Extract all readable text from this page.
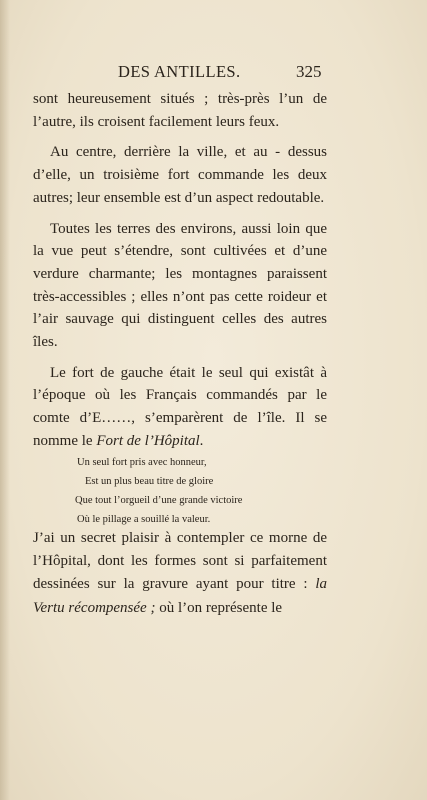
DES ANTILLES.	325

sont heureusement situés ; très-près l’un de l’autre, ils croisent facilement leurs feux.

Au centre, derrière la ville, et au - dessus d’elle, un troisième fort commande les deux autres; leur ensemble est d’un aspect redoutable.

Toutes les terres des environs, aussi loin que la vue peut s’étendre, sont cultivées et d’une verdure charmante; les montagnes paraissent très-accessibles ; elles n’ont pas cette roideur et l’air sauvage qui distinguent celles des autres îles.

Le fort de gauche était le seul qui existât à l’époque où les Français commandés par le comte d’E……, s’emparèrent de l’île. Il se nomme le Fort de l’Hôpital.

Un seul fort pris avec honneur,
Est un plus beau titre de gloire
Que tout l’orgueil d’une grande victoire
Où le pillage a souillé la valeur.

J’ai un secret plaisir à contempler ce morne de l’Hôpital, dont les formes sont si parfaitement dessinées sur la gravure ayant pour titre : la Vertu récompensée ; où l’on représente le
